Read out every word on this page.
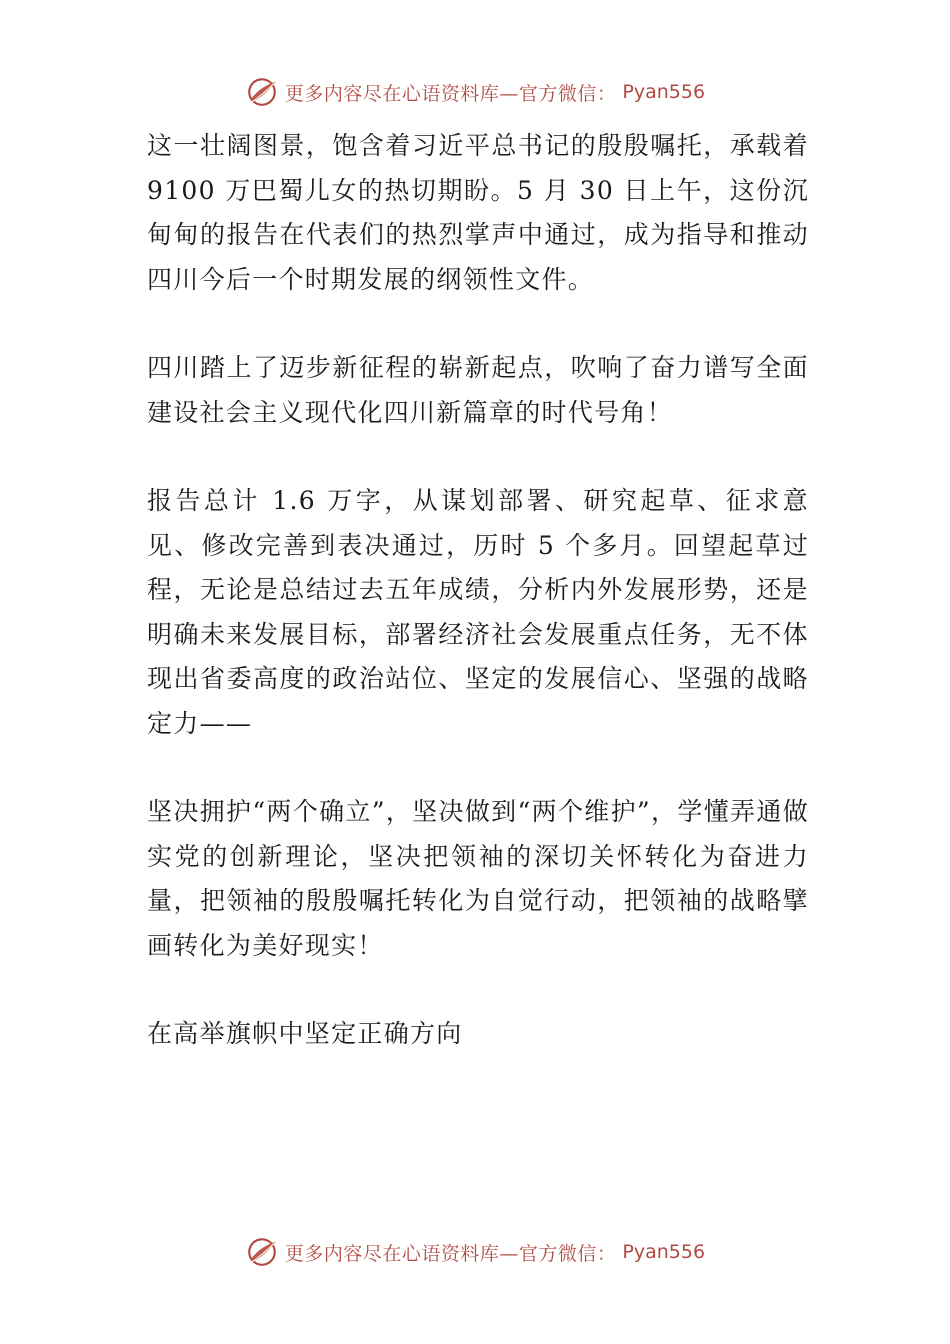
更多内容尽在心语资料库—官方微信： Pyan556

这一壮阔图景，饱含着习近平总书记的殷殷嘱托，承载着 9100 万巴蜀儿女的热切期盼。5 月 30 日上午，这份沉甸甸的报告在代表们的热烈掌声中通过，成为指导和推动四川今后一个时期发展的纲领性文件。

四川踏上了迈步新征程的崭新起点，吹响了奋力谱写全面建设社会主义现代化四川新篇章的时代号角！

报告总计 1.6 万字，从谋划部署、研究起草、征求意见、修改完善到表决通过，历时 5 个多月。回望起草过程，无论是总结过去五年成绩，分析内外发展形势，还是明确未来发展目标，部署经济社会发展重点任务，无不体现出省委高度的政治站位、坚定的发展信心、坚强的战略定力——

坚决拥护“两个确立”，坚决做到“两个维护”，学懂弄通做实党的创新理论，坚决把领袖的深切关怀转化为奋进力量，把领袖的殷殷嘱托转化为自觉行动，把领袖的战略擘画转化为美好现实！

在高举旗帜中坚定正确方向

更多内容尽在心语资料库—官方微信： Pyan556
